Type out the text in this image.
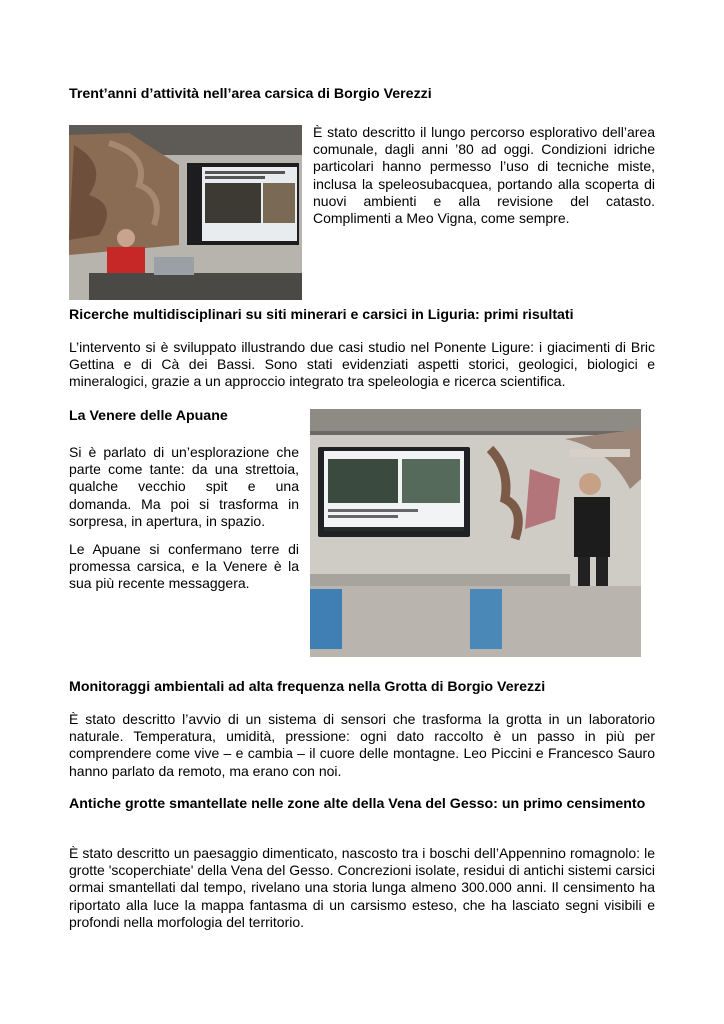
Trent’anni d’attività nell’area carsica di Borgio Verezzi

È stato descritto il lungo percorso esplorativo dell’area comunale, dagli anni ’80 ad oggi. Condizioni idriche particolari hanno permesso l’uso di tecniche miste, inclusa la speleosubacquea, portando alla scoperta di nuovi ambienti e alla revisione del catasto. Complimenti a Meo Vigna, come sempre.

Ricerche multidisciplinari su siti minerari e carsici in Liguria: primi risultati

L’intervento si è sviluppato illustrando due casi studio nel Ponente Ligure: i giacimenti di Bric Gettina e di Cà dei Bassi. Sono stati evidenziati aspetti storici, geologici, biologici e mineralogici, grazie a un approccio integrato tra speleologia e ricerca scientifica.

La Venere delle Apuane

Si è parlato di un’esplorazione che parte come tante: da una strettoia, qualche vecchio spit e una domanda. Ma poi si trasforma in sorpresa, in apertura, in spazio.

Le Apuane si confermano terre di promessa carsica, e la Venere è la sua più recente messaggera.

Monitoraggi ambientali ad alta frequenza nella Grotta di Borgio Verezzi

È stato descritto l’avvio di un sistema di sensori che trasforma la grotta in un laboratorio naturale. Temperatura, umidità, pressione: ogni dato raccolto è un passo in più per comprendere come vive – e cambia – il cuore delle montagne. Leo Piccini e Francesco Sauro hanno parlato da remoto, ma erano con noi.

Antiche grotte smantellate nelle zone alte della Vena del Gesso: un primo censimento

È stato descritto un paesaggio dimenticato, nascosto tra i boschi dell’Appennino romagnolo: le grotte 'scoperchiate' della Vena del Gesso. Concrezioni isolate, residui di antichi sistemi carsici ormai smantellati dal tempo, rivelano una storia lunga almeno 300.000 anni. Il censimento ha riportato alla luce la mappa fantasma di un carsismo esteso, che ha lasciato segni visibili e profondi nella morfologia del territorio.
